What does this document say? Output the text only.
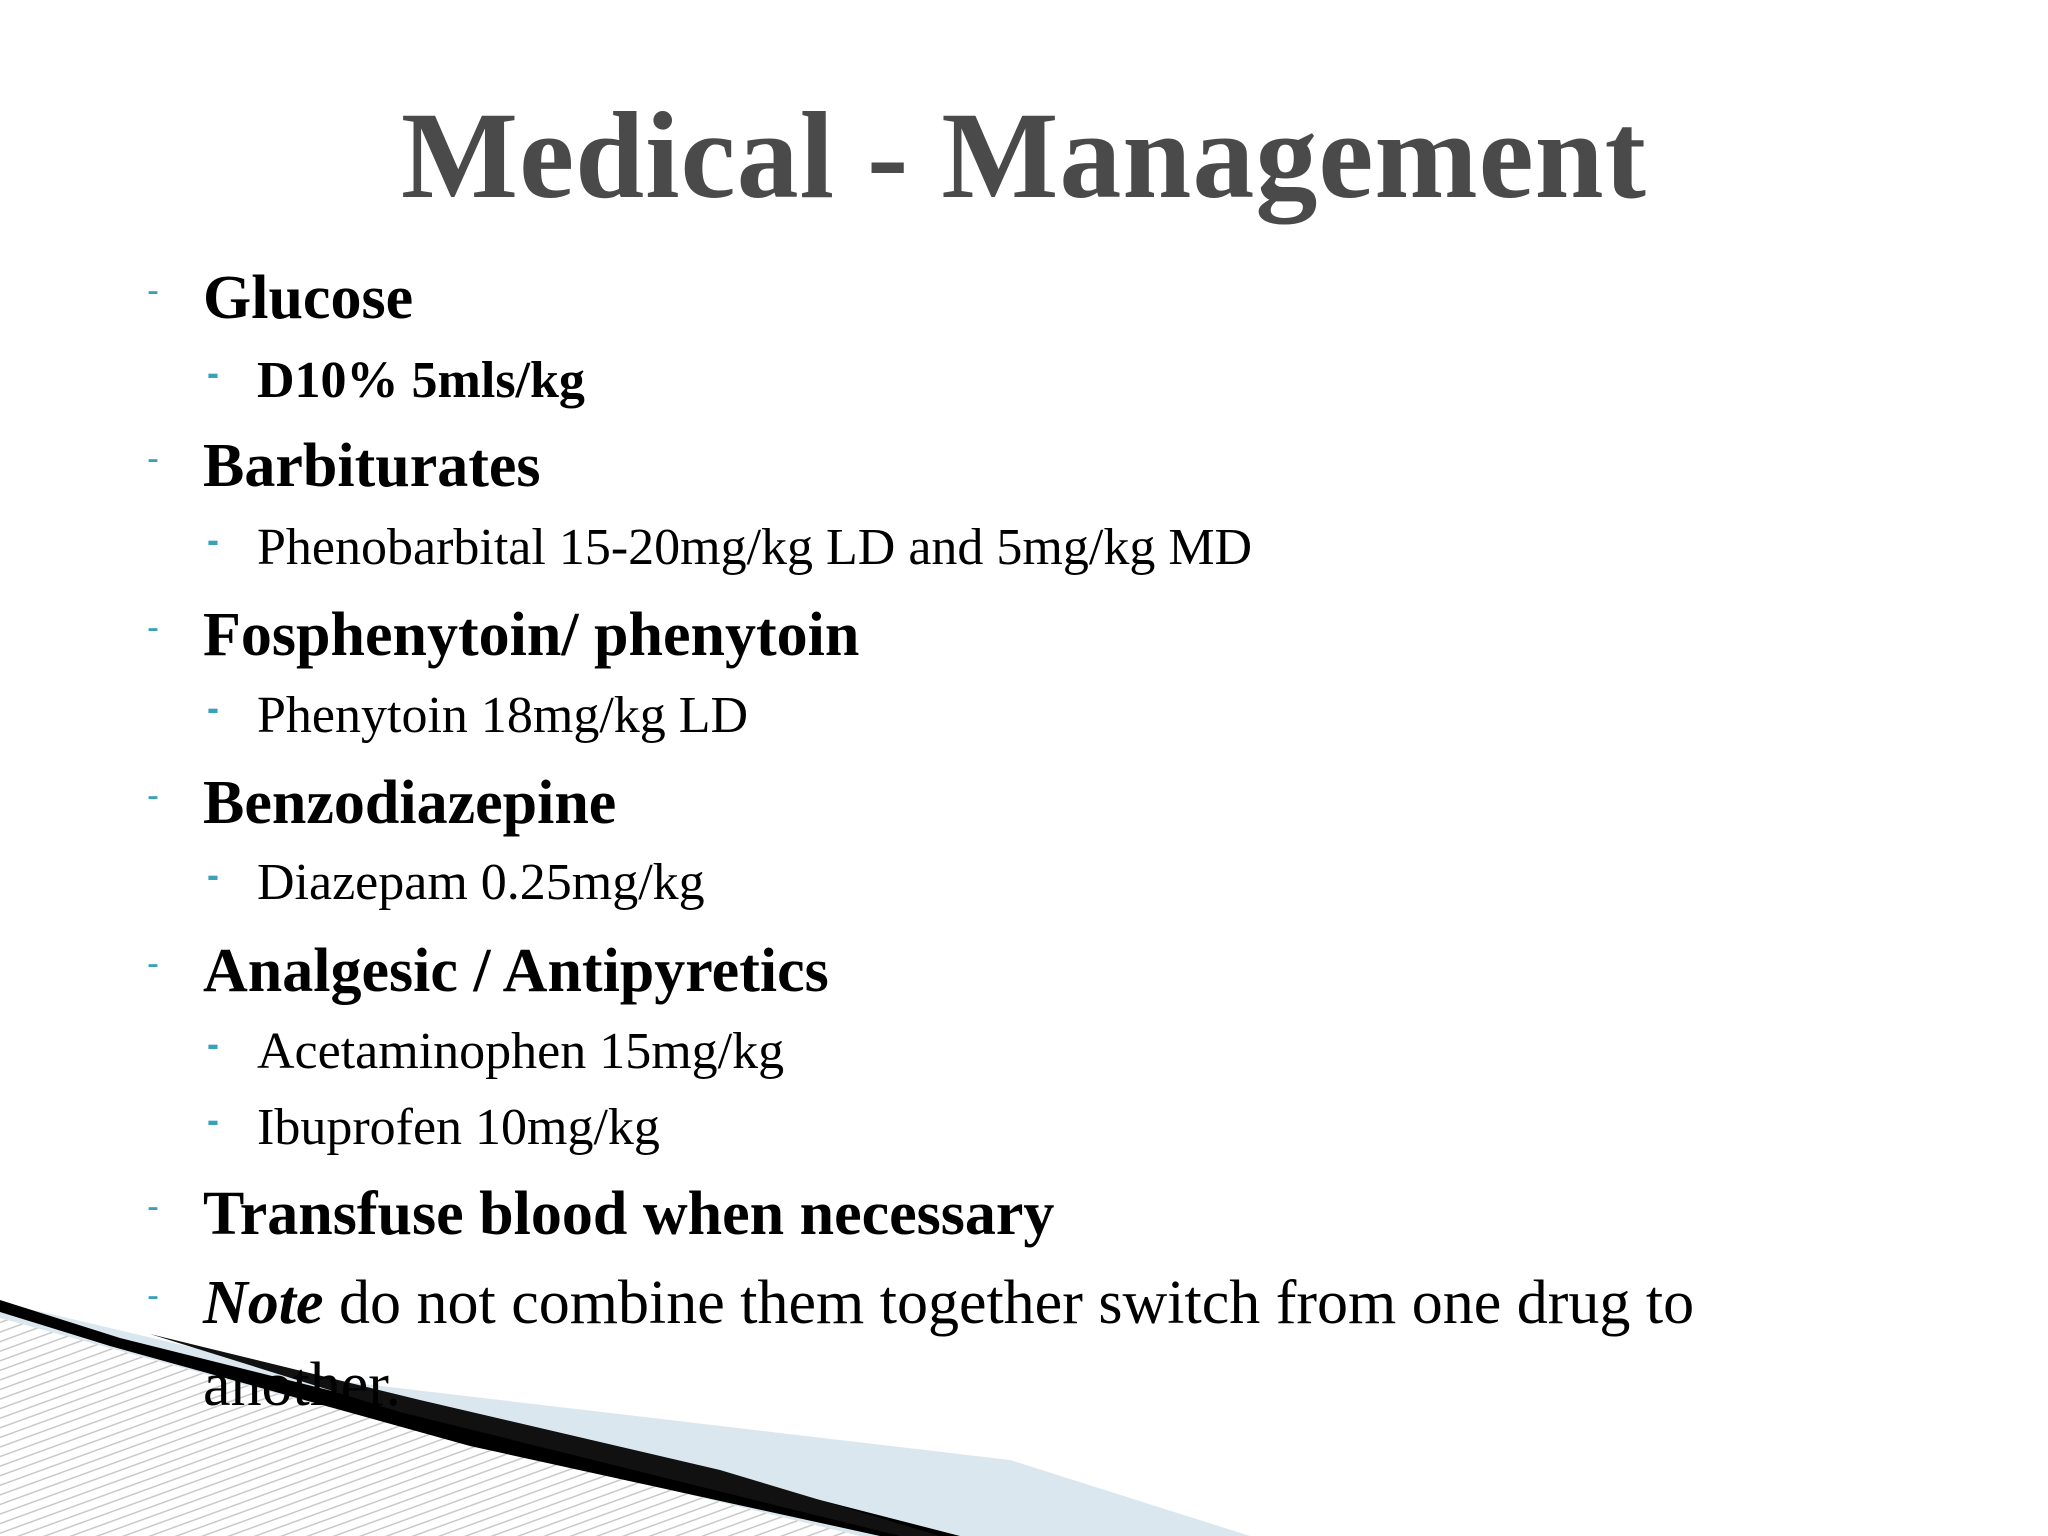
Medical - Management
- Glucose
- D10% 5mls/kg
- Barbiturates
- Phenobarbital 15-20mg/kg LD and 5mg/kg MD
- Fosphenytoin/ phenytoin
- Phenytoin 18mg/kg LD
- Benzodiazepine
- Diazepam 0.25mg/kg
- Analgesic / Antipyretics
- Acetaminophen 15mg/kg
- Ibuprofen 10mg/kg
- Transfuse blood when necessary
- Note do not combine them together switch from one drug to another.
